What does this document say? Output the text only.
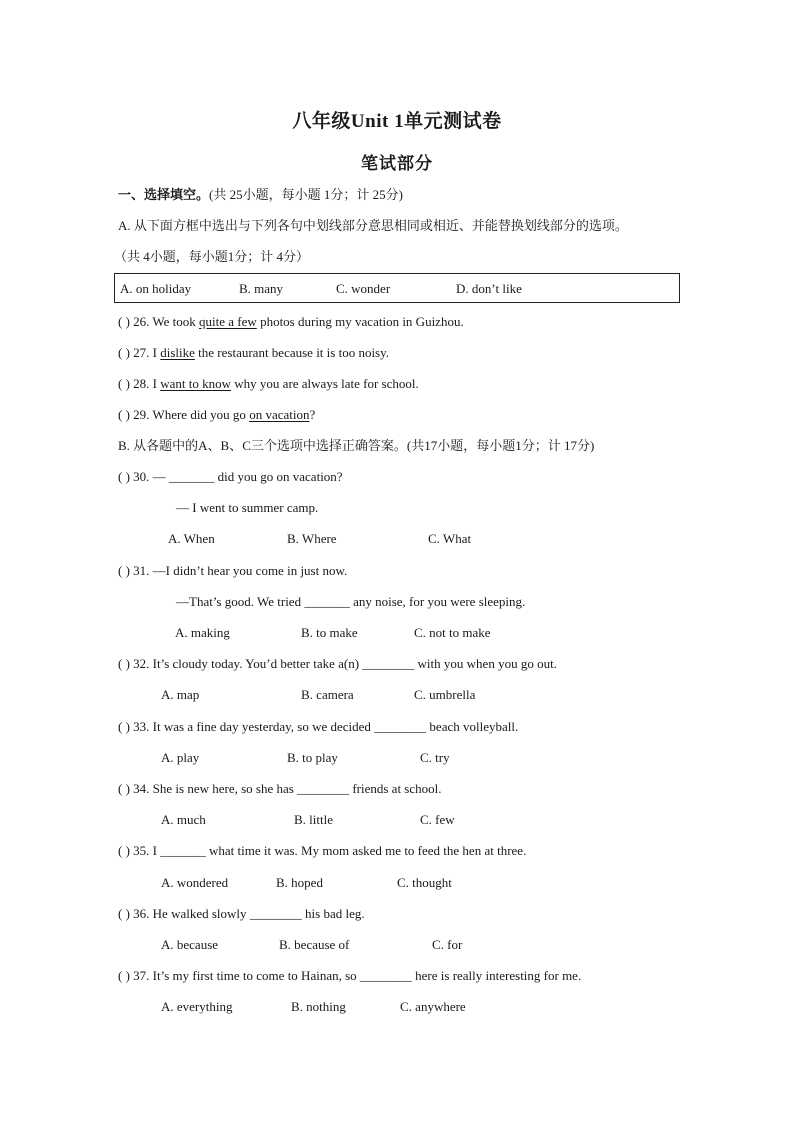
八年级Unit 1单元测试卷
笔试部分
一、选择填空。(共 25小题，每小题 1分；计 25分)
A. 从下面方框中选出与下列各句中划线部分意思相同或相近、并能替换划线部分的选项。
（共 4小题，每小题1分；计 4分）
A. on holiday	B. many	C. wonder	D. don’t like
( ) 26. We took quite a few photos during my vacation in Guizhou.
( ) 27. I dislike the restaurant because it is too noisy.
( ) 28. I want to know why you are always late for school.
( ) 29. Where did you go on vacation?
B. 从各题中的A、B、C三个选项中选择正确答案。(共17小题，每小题1分；计 17分)
( ) 30. — _______ did you go on vacation?
— I went to summer camp.
A. When	B. Where	C. What
( ) 31. —I didn’t hear you come in just now.
—That’s good. We tried _______ any noise, for you were sleeping.
A. making	B. to make	C. not to make
( ) 32. It’s cloudy today. You’d better take a(n) ________ with you when you go out.
A. map	B. camera	C. umbrella
( ) 33. It was a fine day yesterday, so we decided ________ beach volleyball.
A. play	B. to play	C. try
( ) 34. She is new here, so she has ________ friends at school.
A. much	B. little	C. few
( ) 35. I _______ what time it was. My mom asked me to feed the hen at three.
A. wondered	B. hoped	C. thought
( ) 36. He walked slowly ________ his bad leg.
A. because	B. because of	C. for
( ) 37. It’s my first time to come to Hainan, so ________ here is really interesting for me.
A. everything	B. nothing	C. anywhere
